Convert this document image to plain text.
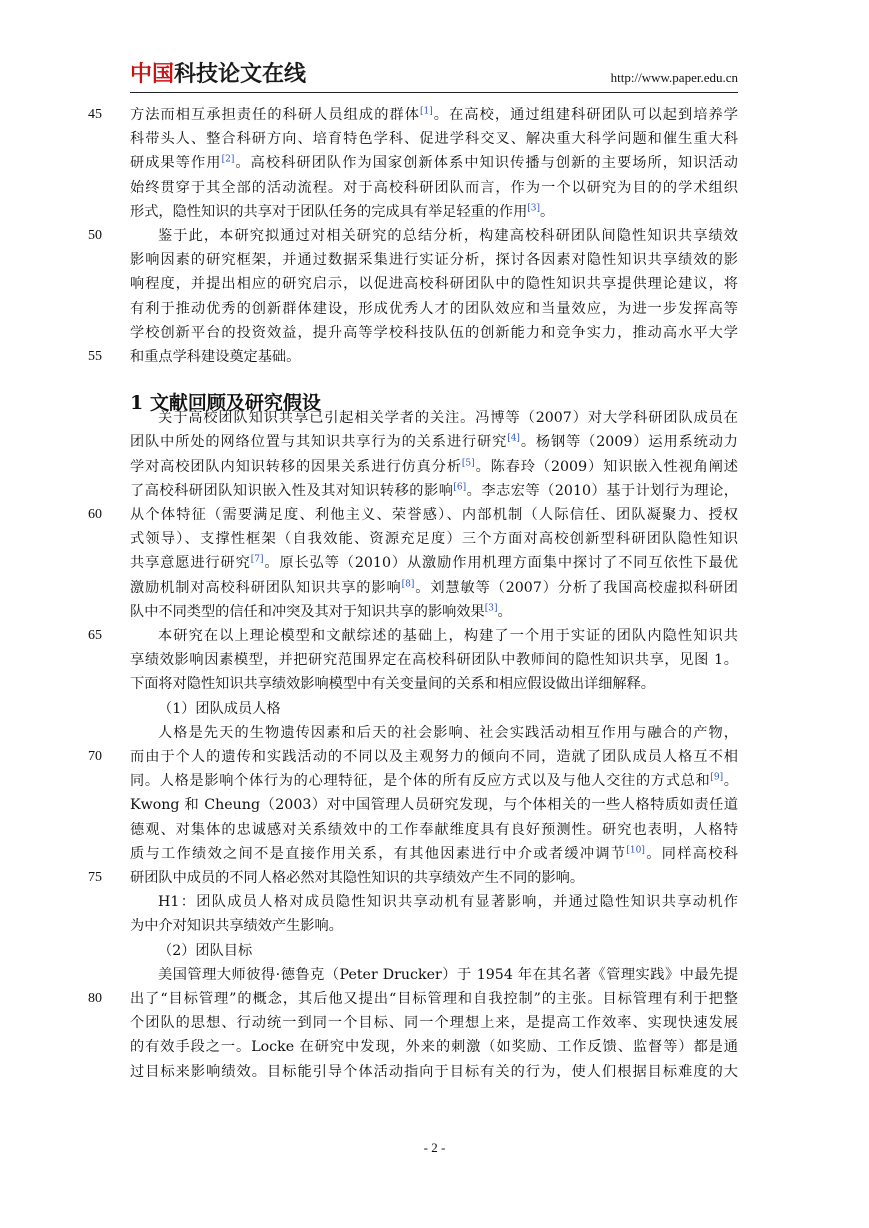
中国科技论文在线	http://www.paper.edu.cn
方法而相互承担责任的科研人员组成的群体[1]。在高校，通过组建科研团队可以起到培养学
科带头人、整合科研方向、培育特色学科、促进学科交叉、解决重大科学问题和催生重大科
研成果等作用[2]。高校科研团队作为国家创新体系中知识传播与创新的主要场所，知识活动
始终贯穿于其全部的活动流程。对于高校科研团队而言，作为一个以研究为目的的学术组织
形式，隐性知识的共享对于团队任务的完成具有举足轻重的作用[3]。
鉴于此，本研究拟通过对相关研究的总结分析，构建高校科研团队间隐性知识共享绩效
影响因素的研究框架，并通过数据采集进行实证分析，探讨各因素对隐性知识共享绩效的影
响程度，并提出相应的研究启示，以促进高校科研团队中的隐性知识共享提供理论建议，将
有利于推动优秀的创新群体建设，形成优秀人才的团队效应和当量效应，为进一步发挥高等
学校创新平台的投资效益，提升高等学校科技队伍的创新能力和竞争实力，推动高水平大学
和重点学科建设奠定基础。
关于高校团队知识共享已引起相关学者的关注。冯博等（2007）对大学科研团队成员在
团队中所处的网络位置与其知识共享行为的关系进行研究[4]。杨钢等（2009）运用系统动力
学对高校团队内知识转移的因果关系进行仿真分析[5]。陈春玲（2009）知识嵌入性视角阐述
了高校科研团队知识嵌入性及其对知识转移的影响[6]。李志宏等（2010）基于计划行为理论，
从个体特征（需要满足度、利他主义、荣誉感）、内部机制（人际信任、团队凝聚力、授权
式领导）、支撑性框架（自我效能、资源充足度）三个方面对高校创新型科研团队隐性知识
共享意愿进行研究[7]。原长弘等（2010）从激励作用机理方面集中探讨了不同互依性下最优
激励机制对高校科研团队知识共享的影响[8]。刘慧敏等（2007）分析了我国高校虚拟科研团
队中不同类型的信任和冲突及其对于知识共享的影响效果[3]。
本研究在以上理论模型和文献综述的基础上，构建了一个用于实证的团队内隐性知识共
享绩效影响因素模型，并把研究范围界定在高校科研团队中教师间的隐性知识共享，见图 1。
下面将对隐性知识共享绩效影响模型中有关变量间的关系和相应假设做出详细解释。
（1）团队成员人格
人格是先天的生物遗传因素和后天的社会影响、社会实践活动相互作用与融合的产物，
而由于个人的遗传和实践活动的不同以及主观努力的倾向不同，造就了团队成员人格互不相
同。人格是影响个体行为的心理特征，是个体的所有反应方式以及与他人交往的方式总和[9]。
Kwong 和 Cheung（2003）对中国管理人员研究发现，与个体相关的一些人格特质如责任道
德观、对集体的忠诚感对关系绩效中的工作奉献维度具有良好预测性。研究也表明，人格特
质与工作绩效之间不是直接作用关系，有其他因素进行中介或者缓冲调节[10]。同样高校科
研团队中成员的不同人格必然对其隐性知识的共享绩效产生不同的影响。
H1：团队成员人格对成员隐性知识共享动机有显著影响，并通过隐性知识共享动机作
为中介对知识共享绩效产生影响。
（2）团队目标
美国管理大师彼得·德鲁克（Peter Drucker）于 1954 年在其名著《管理实践》中最先提
出了“目标管理”的概念，其后他又提出“目标管理和自我控制”的主张。目标管理有利于把整
个团队的思想、行动统一到同一个目标、同一个理想上来，是提高工作效率、实现快速发展
的有效手段之一。Locke 在研究中发现，外来的刺激（如奖励、工作反馈、监督等）都是通
过目标来影响绩效。目标能引导个体活动指向于目标有关的行为，使人们根据目标难度的大
45
50
55
60
65
70
75
80
1 文献回顾及研究假设
- 2 -
